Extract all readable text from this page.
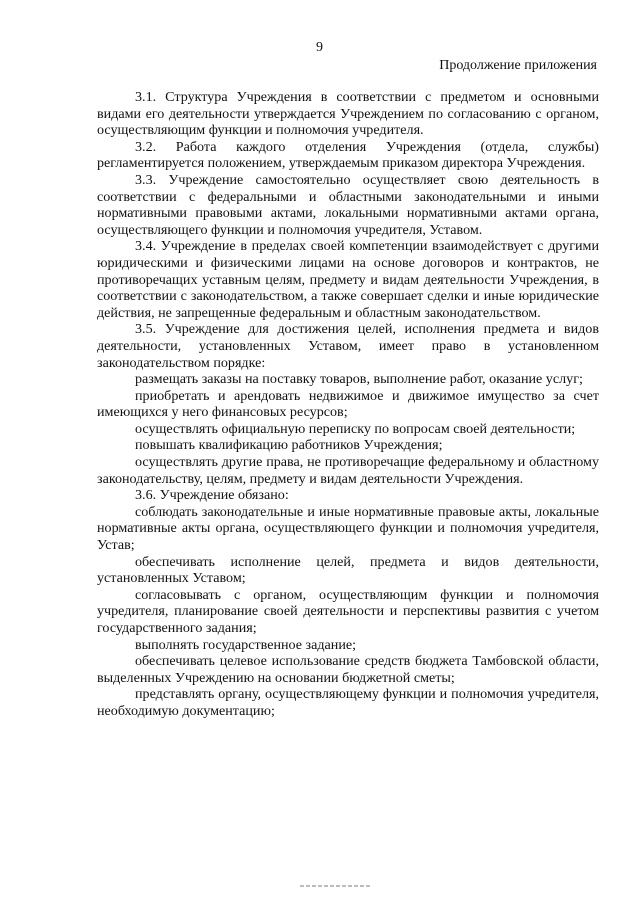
9
Продолжение приложения

3.1. Структура Учреждения в соответствии с предметом и основными видами его деятельности утверждается Учреждением по согласованию с органом, осуществляющим функции и полномочия учредителя.

3.2. Работа каждого отделения Учреждения (отдела, службы) регламентируется положением, утверждаемым приказом директора Учреждения.

3.3. Учреждение самостоятельно осуществляет свою деятельность в соответствии с федеральными и областными законодательными и иными нормативными правовыми актами, локальными нормативными актами органа, осуществляющего функции и полномочия учредителя, Уставом.

3.4. Учреждение в пределах своей компетенции взаимодействует с другими юридическими и физическими лицами на основе договоров и контрактов, не противоречащих уставным целям, предмету и видам деятельности Учреждения, в соответствии с законодательством, а также совершает сделки и иные юридические действия, не запрещенные федеральным и областным законодательством.

3.5. Учреждение для достижения целей, исполнения предмета и видов деятельности, установленных Уставом, имеет право в установленном законодательством порядке:

размещать заказы на поставку товаров, выполнение работ, оказание услуг;

приобретать и арендовать недвижимое и движимое имущество за счет имеющихся у него финансовых ресурсов;

осуществлять официальную переписку по вопросам своей деятельности;

повышать квалификацию работников Учреждения;

осуществлять другие права, не противоречащие федеральному и областному законодательству, целям, предмету и видам деятельности Учреждения.

3.6. Учреждение обязано:

соблюдать законодательные и иные нормативные правовые акты, локальные нормативные акты органа, осуществляющего функции и полномочия учредителя, Устав;

обеспечивать исполнение целей, предмета и видов деятельности, установленных Уставом;

согласовывать с органом, осуществляющим функции и полномочия учредителя, планирование своей деятельности и перспективы развития с учетом государственного задания;

выполнять государственное задание;

обеспечивать целевое использование средств бюджета Тамбовской области, выделенных Учреждению на основании бюджетной сметы;

представлять органу, осуществляющему функции и полномочия учредителя, необходимую документацию;
